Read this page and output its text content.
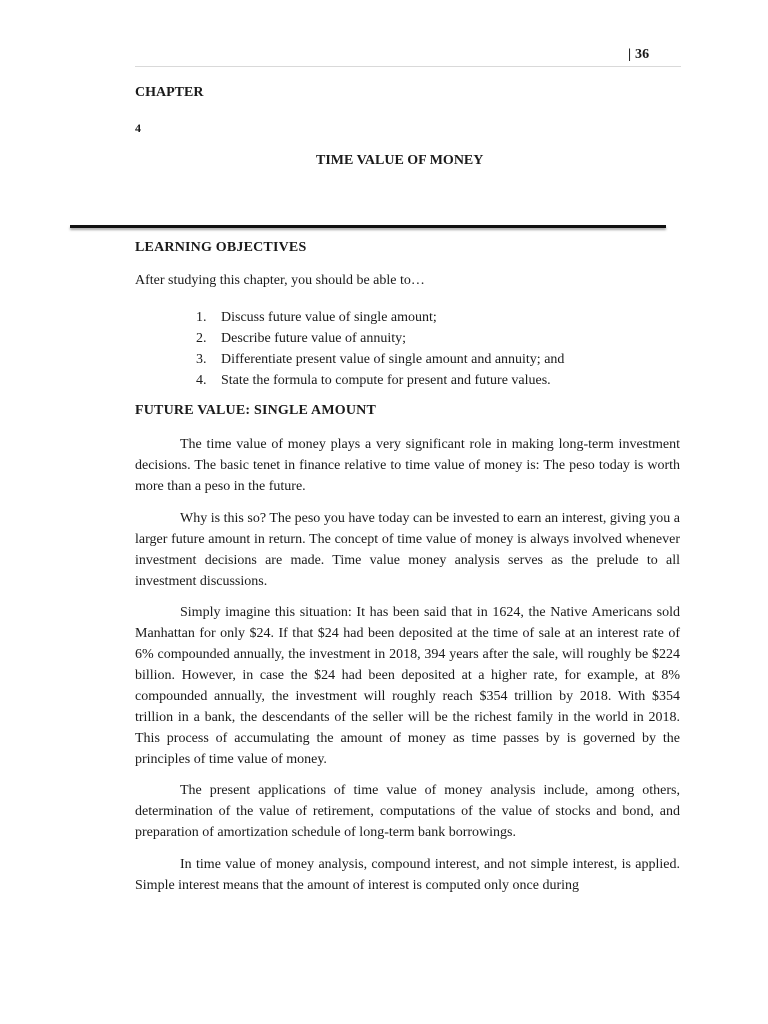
| 36
CHAPTER
4
TIME VALUE OF MONEY
LEARNING OBJECTIVES
After studying this chapter, you should be able to…
1.	Discuss future value of single amount;
2.	Describe future value of annuity;
3.	Differentiate present value of single amount and annuity; and
4.	State the formula to compute for present and future values.
FUTURE VALUE: SINGLE AMOUNT

The time value of money plays a very significant role in making long-term investment decisions. The basic tenet in finance relative to time value of money is: The peso today is worth more than a peso in the future.

Why is this so? The peso you have today can be invested to earn an interest, giving you a larger future amount in return. The concept of time value of money is always involved whenever investment decisions are made. Time value money analysis serves as the prelude to all investment discussions.

Simply imagine this situation: It has been said that in 1624, the Native Americans sold Manhattan for only $24. If that $24 had been deposited at the time of sale at an interest rate of 6% compounded annually, the investment in 2018, 394 years after the sale, will roughly be $224 billion. However, in case the $24 had been deposited at a higher rate, for example, at 8% compounded annually, the investment will roughly reach $354 trillion by 2018. With $354 trillion in a bank, the descendants of the seller will be the richest family in the world in 2018. This process of accumulating the amount of money as time passes by is governed by the principles of time value of money.

The present applications of time value of money analysis include, among others, determination of the value of retirement, computations of the value of stocks and bond, and preparation of amortization schedule of long-term bank borrowings.

In time value of money analysis, compound interest, and not simple interest, is applied. Simple interest means that the amount of interest is computed only once during
